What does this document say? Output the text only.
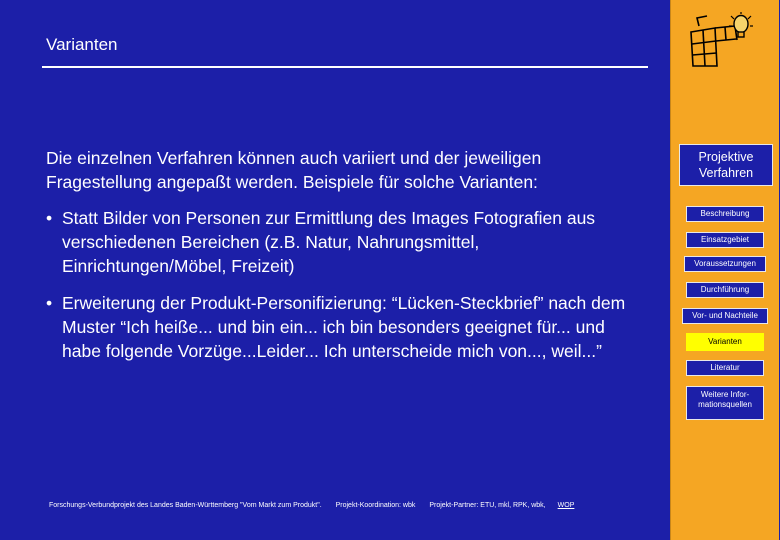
Varianten

Die einzelnen Verfahren können auch variiert und der jeweiligen Fragestellung angepaßt werden. Beispiele für solche Varianten:

• Statt Bilder von Personen zur Ermittlung des Images Fotografien aus verschiedenen Bereichen (z.B. Natur, Nahrungsmittel, Einrichtungen/Möbel, Freizeit)
• Erweiterung der Produkt-Personifizierung: “Lücken-Steckbrief” nach dem Muster “Ich heiße... und bin ein... ich bin besonders geeignet für... und habe folgende Vorzüge...Leider... Ich unterscheide mich von..., weil...”
Forschungs-Verbundprojekt des Landes Baden-Württemberg "Vom Markt zum Produkt". Projekt-Koordination: wbk Projekt-Partner: ETU, mkl, RPK, wbk, WOP
Projektive Verfahren
Beschreibung
Einsatzgebiet
Voraussetzungen
Durchführung
Vor- und Nachteile
Varianten
Literatur
Weitere Infor-mationsquellen
